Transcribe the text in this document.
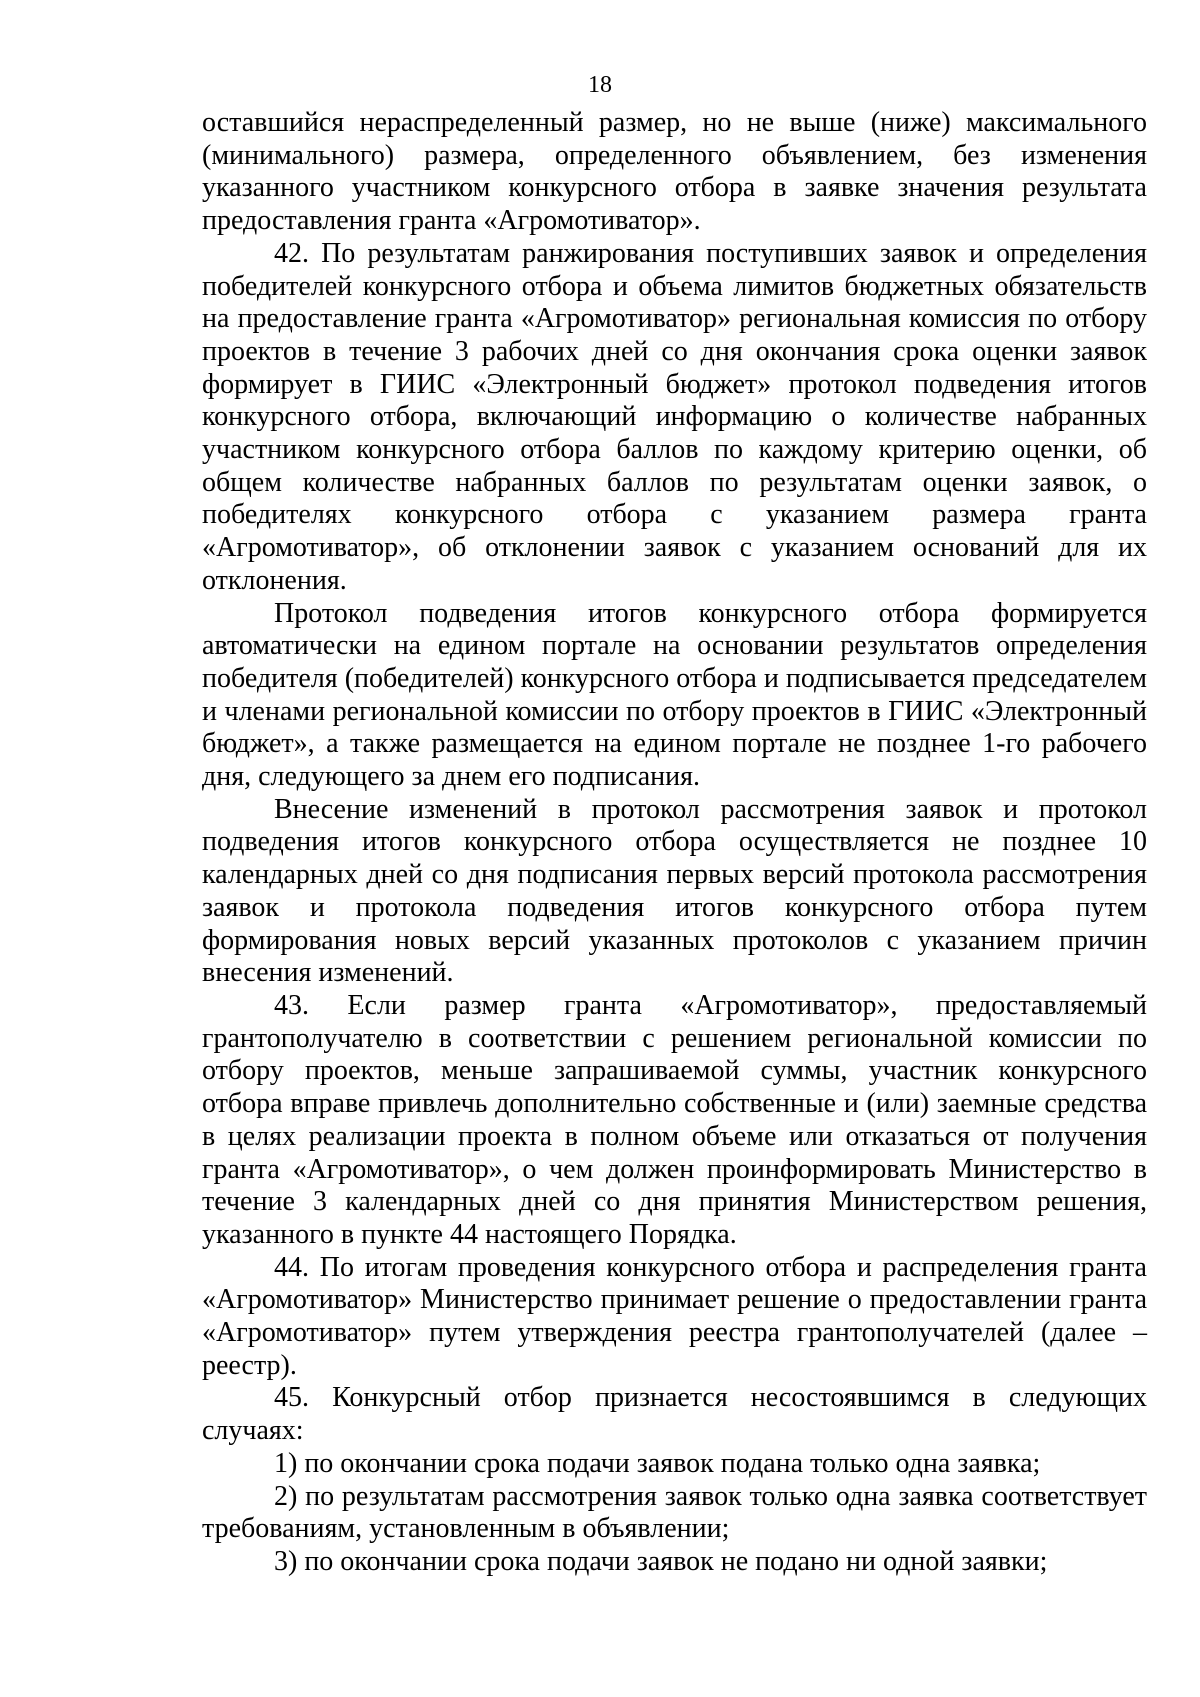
18

оставшийся нераспределенный размер, но не выше (ниже) максимального (минимального) размера, определенного объявлением, без изменения указанного участником конкурсного отбора в заявке значения результата предоставления гранта «Агромотиватор».

42. По результатам ранжирования поступивших заявок и определения победителей конкурсного отбора и объема лимитов бюджетных обязательств на предоставление гранта «Агромотиватор» региональная комиссия по отбору проектов в течение 3 рабочих дней со дня окончания срока оценки заявок формирует в ГИИС «Электронный бюджет» протокол подведения итогов конкурсного отбора, включающий информацию о количестве набранных участником конкурсного отбора баллов по каждому критерию оценки, об общем количестве набранных баллов по результатам оценки заявок, о победителях конкурсного отбора с указанием размера гранта «Агромотиватор», об отклонении заявок с указанием оснований для их отклонения.

Протокол подведения итогов конкурсного отбора формируется автоматически на едином портале на основании результатов определения победителя (победителей) конкурсного отбора и подписывается председателем и членами региональной комиссии по отбору проектов в ГИИС «Электронный бюджет», а также размещается на едином портале не позднее 1-го рабочего дня, следующего за днем его подписания.

Внесение изменений в протокол рассмотрения заявок и протокол подведения итогов конкурсного отбора осуществляется не позднее 10 календарных дней со дня подписания первых версий протокола рассмотрения заявок и протокола подведения итогов конкурсного отбора путем формирования новых версий указанных протоколов с указанием причин внесения изменений.

43. Если размер гранта «Агромотиватор», предоставляемый грантополучателю в соответствии с решением региональной комиссии по отбору проектов, меньше запрашиваемой суммы, участник конкурсного отбора вправе привлечь дополнительно собственные и (или) заемные средства в целях реализации проекта в полном объеме или отказаться от получения гранта «Агромотиватор», о чем должен проинформировать Министерство в течение 3 календарных дней со дня принятия Министерством решения, указанного в пункте 44 настоящего Порядка.

44. По итогам проведения конкурсного отбора и распределения гранта «Агромотиватор» Министерство принимает решение о предоставлении гранта «Агромотиватор» путем утверждения реестра грантополучателей (далее – реестр).

45. Конкурсный отбор признается несостоявшимся в следующих случаях:

1) по окончании срока подачи заявок подана только одна заявка;

2) по результатам рассмотрения заявок только одна заявка соответствует требованиям, установленным в объявлении;

3) по окончании срока подачи заявок не подано ни одной заявки;
